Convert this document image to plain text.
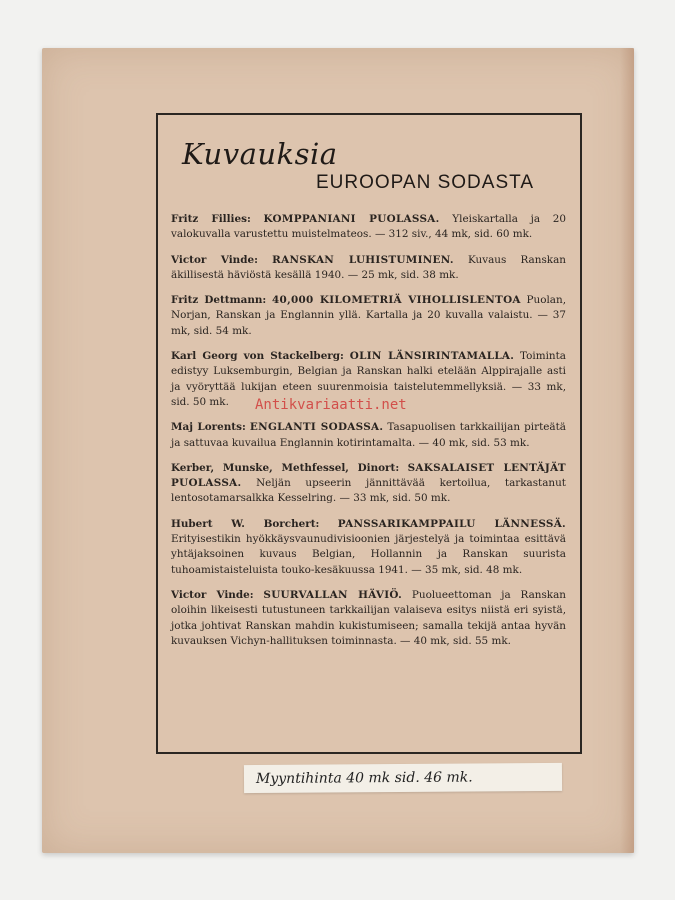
Kuvauksia
EUROOPAN SODASTA
Fritz Fillies: KOMPPANIANI PUOLASSA. Yleiskartalla ja 20 valokuvalla varustettu muistelmateos. — 312 siv., 44 mk, sid. 60 mk.
Victor Vinde: RANSKAN LUHISTUMINEN. Kuvaus Ranskan äkillisestä häviöstä kesällä 1940. — 25 mk, sid. 38 mk.
Fritz Dettmann: 40,000 KILOMETRIÄ VIHOLLISLENTOA Puolan, Norjan, Ranskan ja Englannin yllä. Kartalla ja 20 kuvalla valaistu. — 37 mk, sid. 54 mk.
Karl Georg von Stackelberg: OLIN LÄNSIRINTAMALLA. Toiminta edistyy Luksemburgin, Belgian ja Ranskan halki etelään Alppirajalle asti ja vyöryttää lukijan eteen suurenmoisia taistelutemmellyksiä. — 33 mk, sid. 50 mk.
Maj Lorents: ENGLANTI SODASSA. Tasapuolisen tarkkailijan pirteätä ja sattuvaa kuvailua Englannin kotirintamalta. — 40 mk, sid. 53 mk.
Kerber, Munske, Methfessel, Dinort: SAKSALAISET LENTÄJÄT PUOLASSA. Neljän upseerin jännittävää kertoilua, tarkastanut lentosotamarsalkka Kesselring. — 33 mk, sid. 50 mk.
Hubert W. Borchert: PANSSARIKAMPPAILU LÄNNESSÄ. Erityisestikin hyökkäysvaunudivisioonien järjestelyä ja toimintaa esittävä yhtäjaksoinen kuvaus Belgian, Hollannin ja Ranskan suurista tuhoamistaisteluista touko-kesäkuussa 1941. — 35 mk, sid. 48 mk.
Victor Vinde: SUURVALLAN HÄVIÖ. Puolueettoman ja Ranskan oloihin likeisesti tutustuneen tarkkailijan valaiseva esitys niistä eri syistä, jotka johtivat Ranskan mahdin kukistumiseen; samalla tekijä antaa hyvän kuvauksen Vichyn-hallituksen toiminnasta. — 40 mk, sid. 55 mk.
Myyntihinta 40 mk sid. 46 mk.
Antikvariaatti.net
